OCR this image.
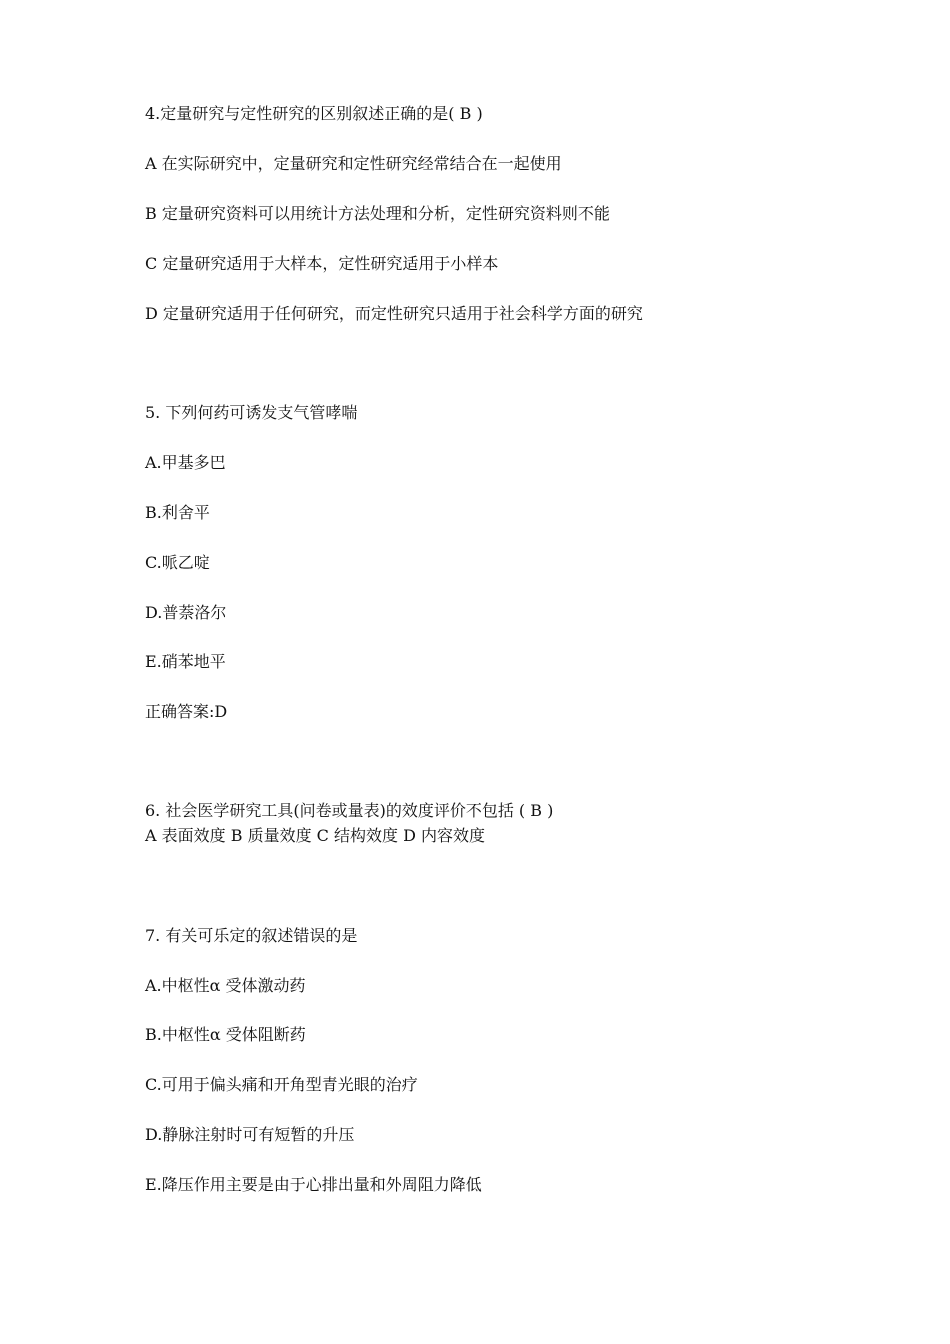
4.定量研究与定性研究的区别叙述正确的是( B )
A 在实际研究中，定量研究和定性研究经常结合在一起使用
B 定量研究资料可以用统计方法处理和分析，定性研究资料则不能
C 定量研究适用于大样本，定性研究适用于小样本
D 定量研究适用于任何研究，而定性研究只适用于社会科学方面的研究
5. 下列何药可诱发支气管哮喘
A.甲基多巴
B.利舍平
C.哌乙啶
D.普萘洛尔
E.硝苯地平
正确答案:D
6. 社会医学研究工具(问卷或量表)的效度评价不包括 ( B )
A 表面效度 B 质量效度 C 结构效度 D 内容效度
7. 有关可乐定的叙述错误的是
A.中枢性α 受体激动药
B.中枢性α 受体阻断药
C.可用于偏头痛和开角型青光眼的治疗
D.静脉注射时可有短暂的升压
E.降压作用主要是由于心排出量和外周阻力降低
